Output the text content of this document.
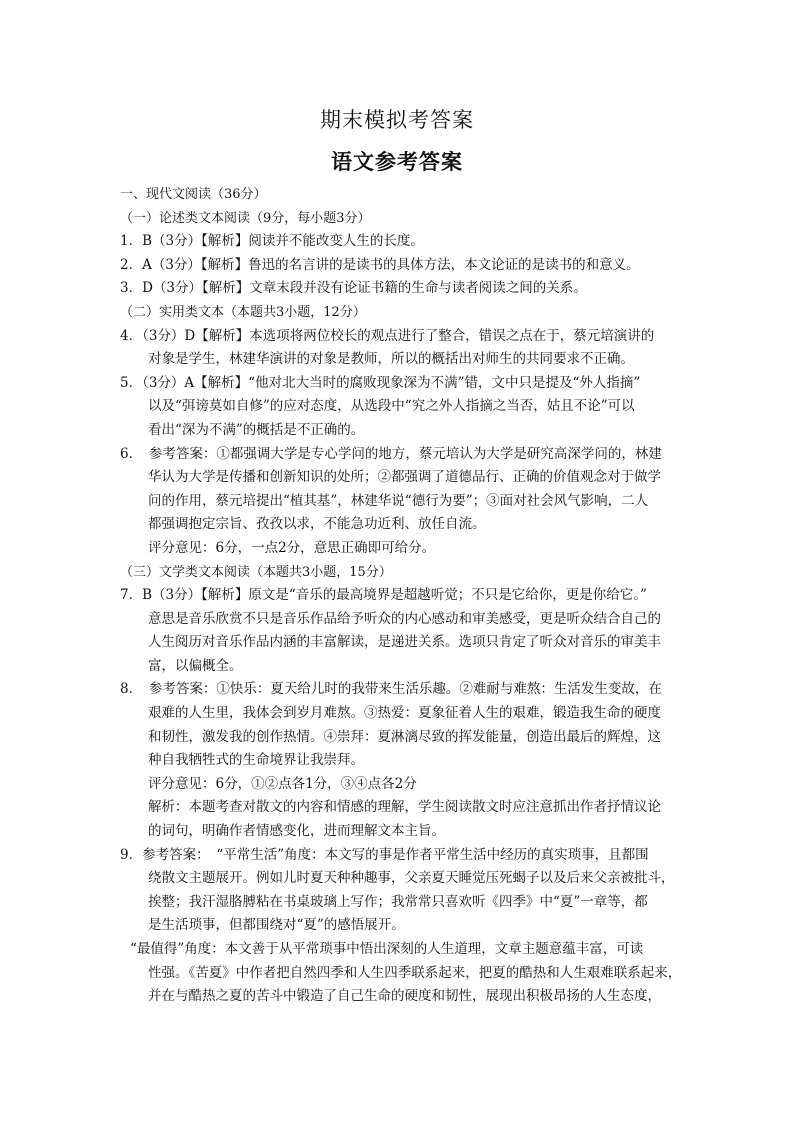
期末模拟考答案
语文参考答案
一、现代文阅读（36分）
（一）论述类文本阅读（9分，每小题3分）
1．B（3分）【解析】阅读并不能改变人生的长度。
2．A（3分）【解析】鲁迅的名言讲的是读书的具体方法，本文论证的是读书的和意义。
3．D（3分）【解析】文章末段并没有论证书籍的生命与读者阅读之间的关系。
（二）实用类文本（本题共3小题，12分）
4．（3分）D【解析】本选项将两位校长的观点进行了整合，错误之点在于，蔡元培演讲的
对象是学生，林建华演讲的对象是教师，所以的概括出对师生的共同要求不正确。
5．（3分）A【解析】“他对北大当时的腐败现象深为不满”错，文中只是提及“外人指摘”
以及“弭谤莫如自修”的应对态度，从选段中“究之外人指摘之当否，姑且不论”可以
看出“深为不满”的概括是不正确的。
6．　参考答案：①都强调大学是专心学问的地方，蔡元培认为大学是研究高深学问的，林建
华认为大学是传播和创新知识的处所；②都强调了道德品行、正确的价值观念对于做学
问的作用，蔡元培提出“植其基”，林建华说“德行为要”；③面对社会风气影响，二人
都强调抱定宗旨、孜孜以求，不能急功近利、放任自流。
评分意见：6分，一点2分，意思正确即可给分。
（三）文学类文本阅读（本题共3小题，15分）
7．B（3分）【解析】原文是“音乐的最高境界是超越听觉；不只是它给你，更是你给它。”
意思是音乐欣赏不只是音乐作品给予听众的内心感动和审美感受，更是听众结合自己的
人生阅历对音乐作品内涵的丰富解读，是递进关系。选项只肯定了听众对音乐的审美丰
富，以偏概全。
8．　参考答案：①快乐：夏天给儿时的我带来生活乐趣。②难耐与难熬：生活发生变故，在
艰难的人生里，我体会到岁月难熬。③热爱：夏象征着人生的艰难，锻造我生命的硬度
和韧性，激发我的创作热情。④崇拜：夏淋漓尽致的挥发能量，创造出最后的辉煌，这
种自我牺牲式的生命境界让我崇拜。
评分意见：6分，①②点各1分，③④点各2分
解析：本题考查对散文的内容和情感的理解，学生阅读散文时应注意抓出作者抒情议论
的词句，明确作者情感变化，进而理解文本主旨。
9．参考答案：　“平常生活”角度：本文写的事是作者平常生活中经历的真实琐事，且都围
绕散文主题展开。例如儿时夏天种种趣事，父亲夏天睡觉压死蝎子以及后来父亲被批斗，
挨整；我汗湿胳膊粘在书桌玻璃上写作；我常常只喜欢听《四季》中“夏”一章等，都
是生活琐事，但都围绕对“夏”的感悟展开。
“最值得”角度：本文善于从平常琐事中悟出深刻的人生道理，文章主题意蕴丰富，可读
性强。《苦夏》中作者把自然四季和人生四季联系起来，把夏的酷热和人生艰难联系起来，
并在与酷热之夏的苦斗中锻造了自己生命的硬度和韧性，展现出积极昂扬的人生态度，
